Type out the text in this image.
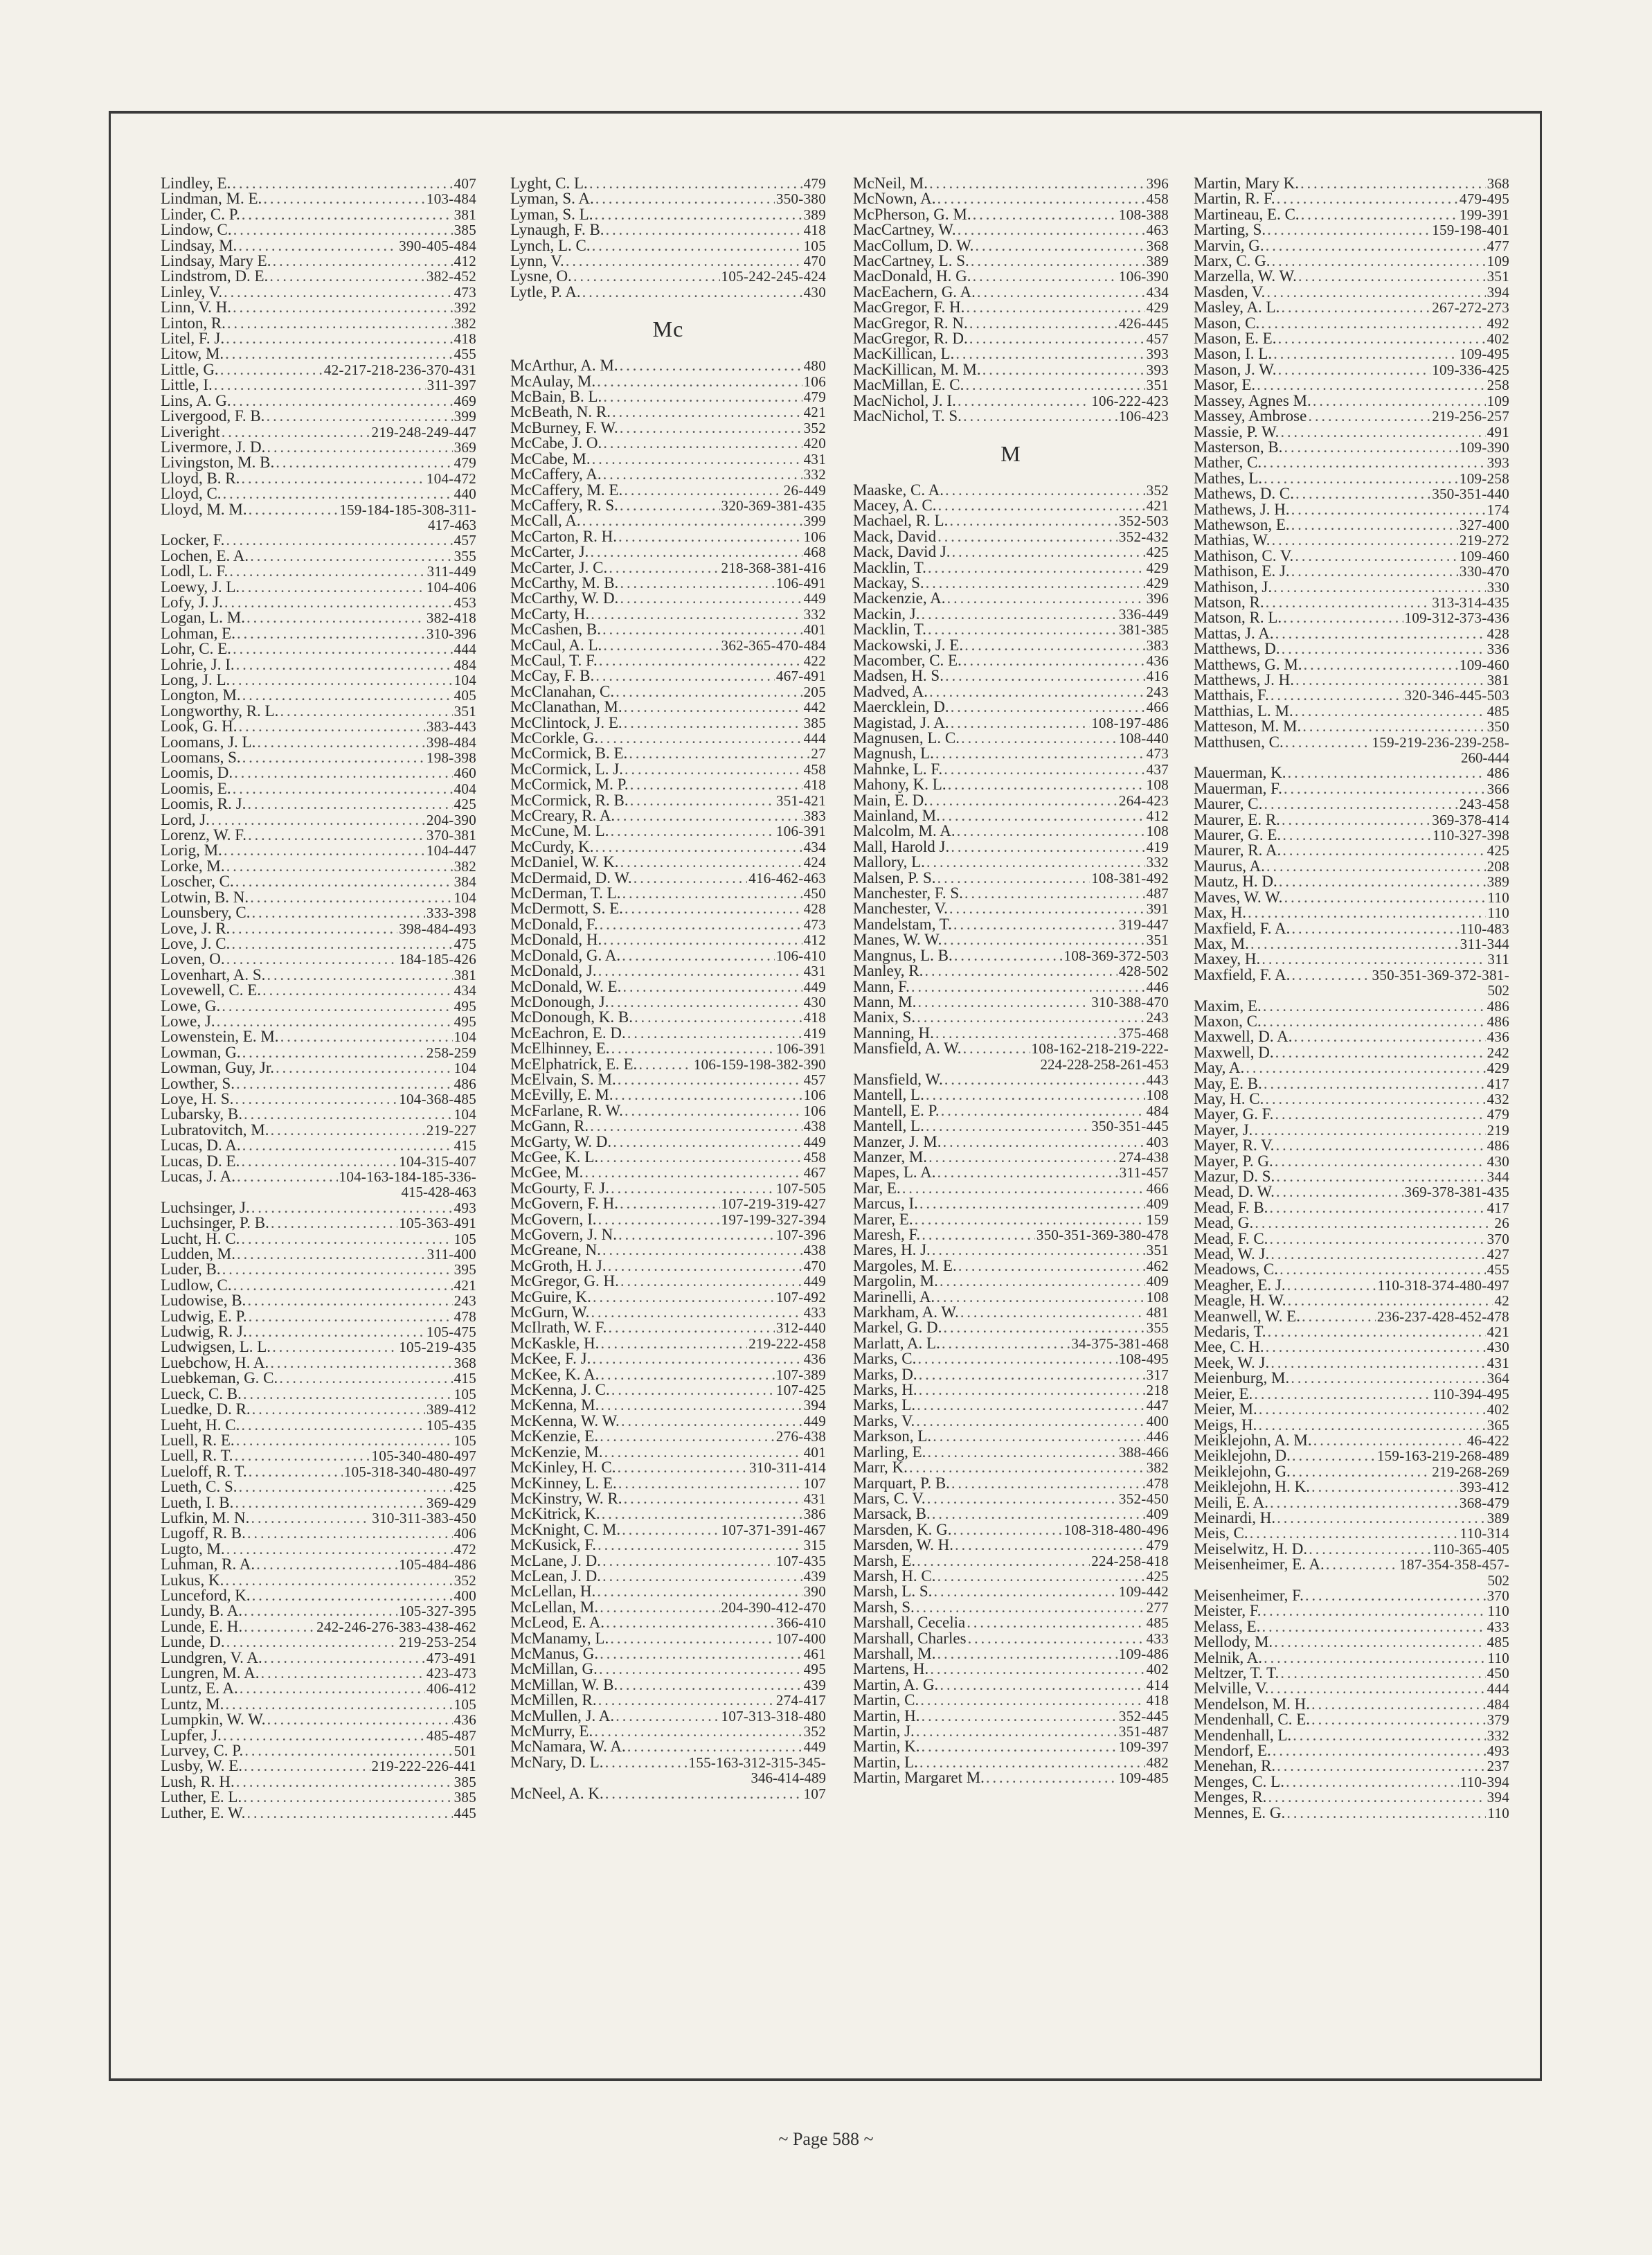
Lindley, E. . . .	407
Lindman, M. E. . . .	103-484
Linder, C. P. . . .	381
Lindow, C. . . .	385
Lindsay, M. . . .	390-405-484
Lindsay, Mary E. . . .	412
Lindstrom, D. E. . . .	382-452
Linley, V. . . .	473
Linn, V. H. . . .	392
Linton, R. . . .	382
Litel, F. J. . . .	418
Litow, M. . . .	455
Little, G. . . .	42-217-218-236-370-431
Little, I. . . .	311-397
Lins, A. G. . . .	469
Livergood, F. B. . . .	399
Liveright . . .	219-248-249-447
Livermore, J. D. . . .	369
Livingston, M. B. . . .	479
Lloyd, B. R. . . .	104-472
Lloyd, C. . . .	440
Lloyd, M. M. . . .	159-184-185-308-311-
417-463
Locker, F. . . .	457
Lochen, E. A. . . .	355
Lodl, L. F. . . .	311-449
Loewy, J. L. . . .	104-406
Lofy, J. J. . . .	453
Logan, L. M. . . .	382-418
Lohman, E. . . .	310-396
Lohr, C. E. . . .	444
Lohrie, J. I. . . .	484
Long, J. L. . . .	104
Longton, M. . . .	405
Longworthy, R. L. . . .	351
Look, G. H. . . .	383-443
Loomans, J. L. . . .	398-484
Loomans, S. . . .	198-398
Loomis, D. . . .	460
Loomis, E. . . .	404
Loomis, R. J. . . .	425
Lord, J. . . .	204-390
Lorenz, W. F. . . .	370-381
Lorig, M. . . .	104-447
Lorke, M. . . .	382
Loscher, C. . . .	384
Lotwin, B. N. . . .	104
Lounsbery, C. . . .	333-398
Love, J. R. . . .	398-484-493
Love, J. C. . . .	475
Loven, O. . . .	184-185-426
Lovenhart, A. S. . . .	381
Lovewell, C. E. . . .	434
Lowe, G. . . .	495
Lowe, J. . . .	495
Lowenstein, E. M. . . .	104
Lowman, G. . . .	258-259
Lowman, Guy, Jr. . . .	104
Lowther, S. . . .	486
Loye, H. S. . . .	104-368-485
Lubarsky, B. . . .	104
Lubratovitch, M. . . .	219-227
Lucas, D. A. . . .	415
Lucas, D. E. . . .	104-315-407
Lucas, J. A. . . .	104-163-184-185-336-
415-428-463
Luchsinger, J. . . .	493
Luchsinger, P. B. . . .	105-363-491
Lucht, H. C. . . .	105
Ludden, M. . . .	311-400
Luder, B. . . .	395
Ludlow, C. . . .	421
Ludowise, B. . . .	243
Ludwig, E. P. . . .	478
Ludwig, R. J. . . .	105-475
Ludwigsen, L. L. . . .	105-219-435
Luebchow, H. A. . . .	368
Luebkeman, G. C. . . .	415
Lueck, C. B. . . .	105
Luedke, D. R. . . .	389-412
Lueht, H. C. . . .	105-435
Luell, R. E. . . .	105
Luell, R. T. . . .	105-340-480-497
Lueloff, R. T. . . .	105-318-340-480-497
Lueth, C. S. . . .	425
Lueth, I. B. . . .	369-429
Lufkin, M. N. . . .	310-311-383-450
Lugoff, R. B. . . .	406
Lugto, M. . . .	472
Luhman, R. A. . . .	105-484-486
Lukus, K. . . .	352
Lunceford, K. . . .	400
Lundy, B. A. . . .	105-327-395
Lunde, E. H. . . .	242-246-276-383-438-462
Lunde, D. . . .	219-253-254
Lundgren, V. A. . . .	473-491
Lungren, M. A. . . .	423-473
Luntz, E. A. . . .	406-412
Luntz, M. . . .	105
Lumpkin, W. W. . . .	436
Lupfer, J. . . .	485-487
Lurvey, C. P. . . .	501
Lusby, W. E. . . .	219-222-226-441
Lush, R. H. . . .	385
Luther, E. L. . . .	385
Luther, E. W. . . .	445
Lyght, C. L. . . .	479
Lyman, S. A. . . .	350-380
Lyman, S. L. . . .	389
Lynaugh, F. B. . . .	418
Lynch, L. C. . . .	105
Lynn, V. . . .	470
Lysne, O. . . .	105-242-245-424
Lytle, P. A. . . .	430
Mc
McArthur, A. M. . . .	480
McAulay, M. . . .	106
McBain, B. L. . . .	479
McBeath, N. R. . . .	421
McBurney, F. W. . . .	352
McCabe, J. O. . . .	420
McCabe, M. . . .	431
McCaffery, A. . . .	332
McCaffery, M. E. . . .	26-449
McCaffery, R. S. . . .	320-369-381-435
McCall, A. . . .	399
McCarton, R. H. . . .	106
McCarter, J. . . .	468
McCarter, J. C. . . .	218-368-381-416
McCarthy, M. B. . . .	106-491
McCarthy, W. D. . . .	449
McCarty, H. . . .	332
McCashen, B. . . .	401
McCaul, A. L. . . .	362-365-470-484
McCaul, T. F. . . .	422
McCay, F. B. . . .	467-491
McClanahan, C. . . .	205
McClanathan, M. . . .	442
McClintock, J. E. . . .	385
McCorkle, G. . . .	444
McCormick, B. E. . . .	27
McCormick, L. J. . . .	458
McCormick, M. P. . . .	418
McCormick, R. B. . . .	351-421
McCreary, R. A. . . .	383
McCune, M. L. . . .	106-391
McCurdy, K. . . .	434
McDaniel, W. K. . . .	424
McDermaid, D. W. . . .	416-462-463
McDerman, T. L. . . .	450
McDermott, S. E. . . .	428
McDonald, F. . . .	473
McDonald, H. . . .	412
McDonald, G. A. . . .	106-410
McDonald, J. . . .	431
McDonald, W. E. . . .	449
McDonough, J. . . .	430
McDonough, K. B. . . .	418
McEachron, E. D. . . .	419
McElhinney, E. . . .	106-391
McElphatrick, E. E. . . .	106-159-198-382-390
McElvain, S. M. . . .	457
McEvilly, E. M. . . .	106
McFarlane, R. W. . . .	106
McGann, R. . . .	438
McGarty, W. D. . . .	449
McGee, K. L. . . .	458
McGee, M. . . .	467
McGourty, F. J. . . .	107-505
McGovern, F. H. . . .	107-219-319-427
McGovern, I. . . .	197-199-327-394
McGovern, J. N. . . .	107-396
McGreane, N. . . .	438
McGroth, H. J. . . .	470
McGregor, G. H. . . .	449
McGuire, K. . . .	107-492
McGurn, W. . . .	433
McIlrath, W. F. . . .	312-440
McKaskle, H. . . .	219-222-458
McKee, F. J. . . .	436
McKee, K. A. . . .	107-389
McKenna, J. C. . . .	107-425
McKenna, M. . . .	394
McKenna, W. W. . . .	449
McKenzie, E. . . .	276-438
McKenzie, M. . . .	401
McKinley, H. C. . . .	310-311-414
McKinney, L. E. . . .	107
McKinstry, W. R. . . .	431
McKitrick, K. . . .	386
McKnight, C. M. . . .	107-371-391-467
McKusick, F. . . .	315
McLane, J. D. . . .	107-435
McLean, J. D. . . .	439
McLellan, H. . . .	390
McLellan, M. . . .	204-390-412-470
McLeod, E. A. . . .	366-410
McManamy, L. . . .	107-400
McManus, G. . . .	461
McMillan, G. . . .	495
McMillan, W. B. . . .	439
McMillen, R. . . .	274-417
McMullen, J. A. . . .	107-313-318-480
McMurry, E. . . .	352
McNamara, W. A. . . .	449
McNary, D. L. . . .	155-163-312-315-345-
346-414-489
McNeel, A. K. . . .	107
McNeil, M. . . .	396
McNown, A. . . .	458
McPherson, G. M. . . .	108-388
MacCartney, W. . . .	463
MacCollum, D. W. . . .	368
MacCartney, L. S. . . .	389
MacDonald, H. G. . . .	106-390
MacEachern, G. A. . . .	434
MacGregor, F. H. . . .	429
MacGregor, R. N. . . .	426-445
MacGregor, R. D. . . .	457
MacKillican, L. . . .	393
MacKillican, M. M. . . .	393
MacMillan, E. C. . . .	351
MacNichol, J. I. . . .	106-222-423
MacNichol, T. S. . . .	106-423
M
Maaske, C. A. . . .	352
Macey, A. C. . . .	421
Machael, R. L. . . .	352-503
Mack, David . . .	352-432
Mack, David J. . . .	425
Macklin, T. . . .	429
Mackay, S. . . .	429
Mackenzie, A. . . .	396
Mackin, J. . . .	336-449
Macklin, T. . . .	381-385
Mackowski, J. E. . . .	383
Macomber, C. E. . . .	436
Madsen, H. S. . . .	416
Madved, A. . . .	243
Maercklein, D. . . .	466
Magistad, J. A. . . .	108-197-486
Magnusen, L. C. . . .	108-440
Magnush, L. . . .	473
Mahnke, L. F. . . .	437
Mahony, K. L. . . .	108
Main, E. D. . . .	264-423
Mainland, M. . . .	412
Malcolm, M. A. . . .	108
Mall, Harold J. . . .	419
Mallory, L. . . .	332
Malsen, P. S. . . .	108-381-492
Manchester, F. S. . . .	487
Manchester, V. . . .	391
Mandelstam, T. . . .	319-447
Manes, W. W. . . .	351
Mangnus, L. B. . . .	108-369-372-503
Manley, R. . . .	428-502
Mann, F. . . .	446
Mann, M. . . .	310-388-470
Manix, S. . . .	243
Manning, H. . . .	375-468
Mansfield, A. W. . . .	108-162-218-219-222-
224-228-258-261-453
Mansfield, W. . . .	443
Mantell, L. . . .	108
Mantell, E. P. . . .	484
Mantell, L. . . .	350-351-445
Manzer, J. M. . . .	403
Manzer, M. . . .	274-438
Mapes, L. A. . . .	311-457
Mar, E. . . .	466
Marcus, I. . . .	409
Marer, E. . . .	159
Maresh, F. . . .	350-351-369-380-478
Mares, H. J. . . .	351
Margoles, M. E. . . .	462
Margolin, M. . . .	409
Marinelli, A. . . .	108
Markham, A. W. . . .	481
Markel, G. D. . . .	355
Marlatt, A. L. . . .	34-375-381-468
Marks, C. . . .	108-495
Marks, D. . . .	317
Marks, H. . . .	218
Marks, L. . . .	447
Marks, V. . . .	400
Markson, L. . . .	446
Marling, E. . . .	388-466
Marr, K. . . .	382
Marquart, P. B. . . .	478
Mars, C. V. . . .	352-450
Marsack, B. . . .	409
Marsden, K. G. . . .	108-318-480-496
Marsden, W. H. . . .	479
Marsh, E. . . .	224-258-418
Marsh, H. C. . . .	425
Marsh, L. S. . . .	109-442
Marsh, S. . . .	277
Marshall, Cecelia . . .	485
Marshall, Charles . . .	433
Marshall, M. . . .	109-486
Martens, H. . . .	402
Martin, A. G. . . .	414
Martin, C. . . .	418
Martin, H. . . .	352-445
Martin, J. . . .	351-487
Martin, K. . . .	109-397
Martin, L. . . .	482
Martin, Margaret M. . . .	109-485
Martin, Mary K. . . .	368
Martin, R. F. . . .	479-495
Martineau, E. C. . . .	199-391
Marting, S. . . .	159-198-401
Marvin, G. . . .	477
Marx, C. G. . . .	109
Marzella, W. W. . . .	351
Masden, V. . . .	394
Masley, A. L. . . .	267-272-273
Mason, C. . . .	492
Mason, E. E. . . .	402
Mason, I. L. . . .	109-495
Mason, J. W. . . .	109-336-425
Masor, E. . . .	258
Massey, Agnes M. . . .	109
Massey, Ambrose . . .	219-256-257
Massie, P. W. . . .	491
Masterson, B. . . .	109-390
Mather, C. . . .	393
Mathes, L. . . .	109-258
Mathews, D. C. . . .	350-351-440
Mathews, J. H. . . .	174
Mathewson, E. . . .	327-400
Mathias, W. . . .	219-272
Mathison, C. V. . . .	109-460
Mathison, E. J. . . .	330-470
Mathison, J. . . .	330
Matson, R. . . .	313-314-435
Matson, R. L. . . .	109-312-373-436
Mattas, J. A. . . .	428
Matthews, D. . . .	336
Matthews, G. M. . . .	109-460
Matthews, J. H. . . .	381
Matthais, F. . . .	320-346-445-503
Matthias, L. M. . . .	485
Matteson, M. M. . . .	350
Matthusen, C. . . .	159-219-236-239-258-
260-444
Mauerman, K. . . .	486
Mauerman, F. . . .	366
Maurer, C. . . .	243-458
Maurer, E. R. . . .	369-378-414
Maurer, G. E. . . .	110-327-398
Maurer, R. A. . . .	425
Maurus, A. . . .	208
Mautz, H. D. . . .	389
Maves, W. W. . . .	110
Max, H. . . .	110
Maxfield, F. A. . . .	110-483
Max, M. . . .	311-344
Maxey, H. . . .	311
Maxfield, F. A. . . .	350-351-369-372-381-
502
Maxim, E. . . .	486
Maxon, C. . . .	486
Maxwell, D. A. . . .	436
Maxwell, D. . . .	242
May, A. . . .	429
May, E. B. . . .	417
May, H. C. . . .	432
Mayer, G. F. . . .	479
Mayer, J. . . .	219
Mayer, R. V. . . .	486
Mayer, P. G. . . .	430
Mazur, D. S. . . .	344
Mead, D. W. . . .	369-378-381-435
Mead, F. B. . . .	417
Mead, G. . . .	26
Mead, F. C. . . .	370
Mead, W. J. . . .	427
Meadows, C. . . .	455
Meagher, E. J. . . .	110-318-374-480-497
Meagle, H. W. . . .	42
Meanwell, W. E. . . .	236-237-428-452-478
Medaris, T. . . .	421
Mee, C. H. . . .	430
Meek, W. J. . . .	431
Meienburg, M. . . .	364
Meier, E. . . .	110-394-495
Meier, M. . . .	402
Meigs, H. . . .	365
Meiklejohn, A. M. . . .	46-422
Meiklejohn, D. . . .	159-163-219-268-489
Meiklejohn, G. . . .	219-268-269
Meiklejohn, H. K. . . .	393-412
Meili, E. A. . . .	368-479
Meinardi, H. . . .	389
Meis, C. . . .	110-314
Meiselwitz, H. D. . . .	110-365-405
Meisenheimer, E. A. . . .	187-354-358-457-
502
Meisenheimer, F. . . .	370
Meister, F. . . .	110
Melass, E. . . .	433
Mellody, M. . . .	485
Melnik, A. . . .	110
Meltzer, T. T. . . .	450
Melville, V. . . .	444
Mendelson, M. H. . . .	484
Mendenhall, C. E. . . .	379
Mendenhall, L. . . .	332
Mendorf, E. . . .	493
Menehan, R. . . .	237
Menges, C. L. . . .	110-394
Menges, R. . . .	394
Mennes, E. G. . . .	110
~ Page 588 ~
